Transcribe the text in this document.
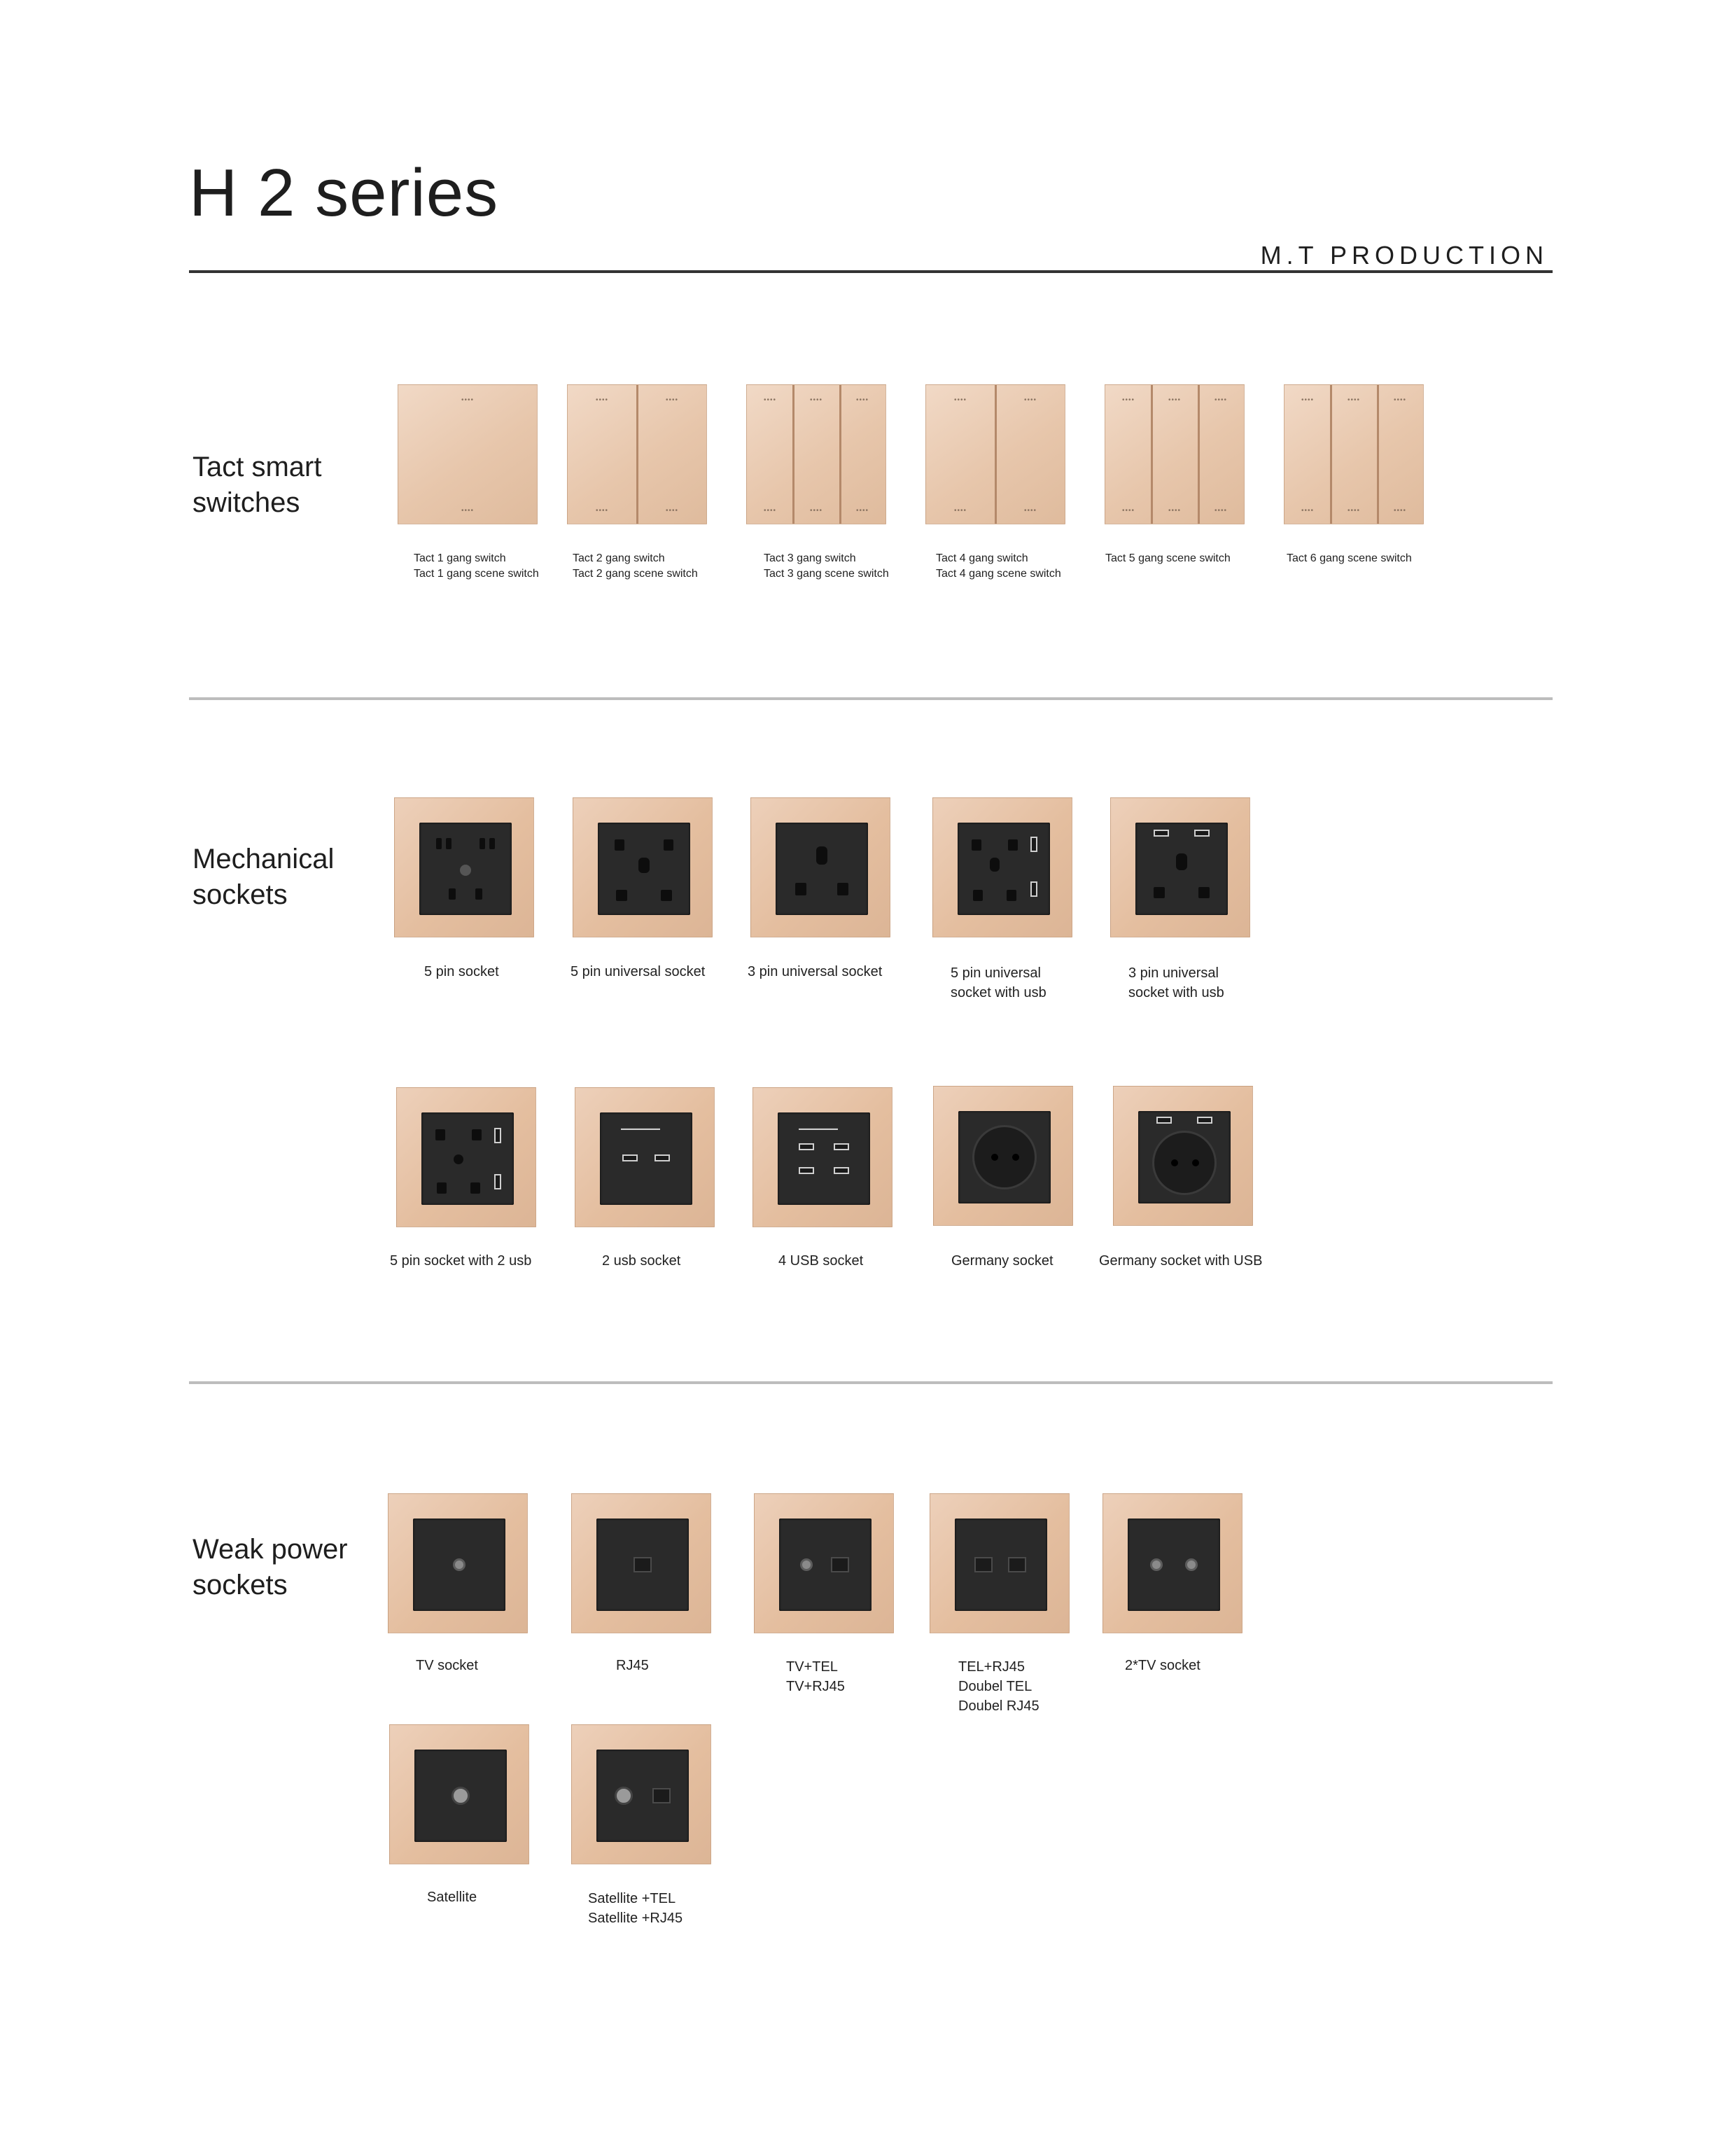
H 2 series
M.T PRODUCTION
Tact smart
switches
••••
••••
••••	••••
••••	••••
••••	••••	••••
••••	••••	••••
••••	••••
••••	••••
••••	••••	••••
••••	••••	••••
••••	••••	••••
••••	••••	••••
Tact 1 gang switch
Tact 1 gang scene switch
Tact 2 gang switch
Tact 2 gang scene switch
Tact 3 gang switch
Tact 3 gang scene switch
Tact 4 gang switch
Tact 4 gang scene switch
Tact 5 gang scene switch	Tact 6 gang scene switch
Mechanical
sockets
5 pin socket	5 pin universal socket	3 pin universal socket	5 pin universal
socket with usb
3 pin universal
socket with usb
▬▬▬▬▬▬▬▬	▬▬▬▬▬▬▬▬
5 pin socket with 2 usb	2 usb socket	4 USB socket	Germany socket	Germany socket with USB
Weak power
sockets
TV socket	RJ45	TV+TEL
TV+RJ45
TEL+RJ45
Doubel TEL
Doubel RJ45
2*TV socket
Satellite	Satellite +TEL
Satellite +RJ45
